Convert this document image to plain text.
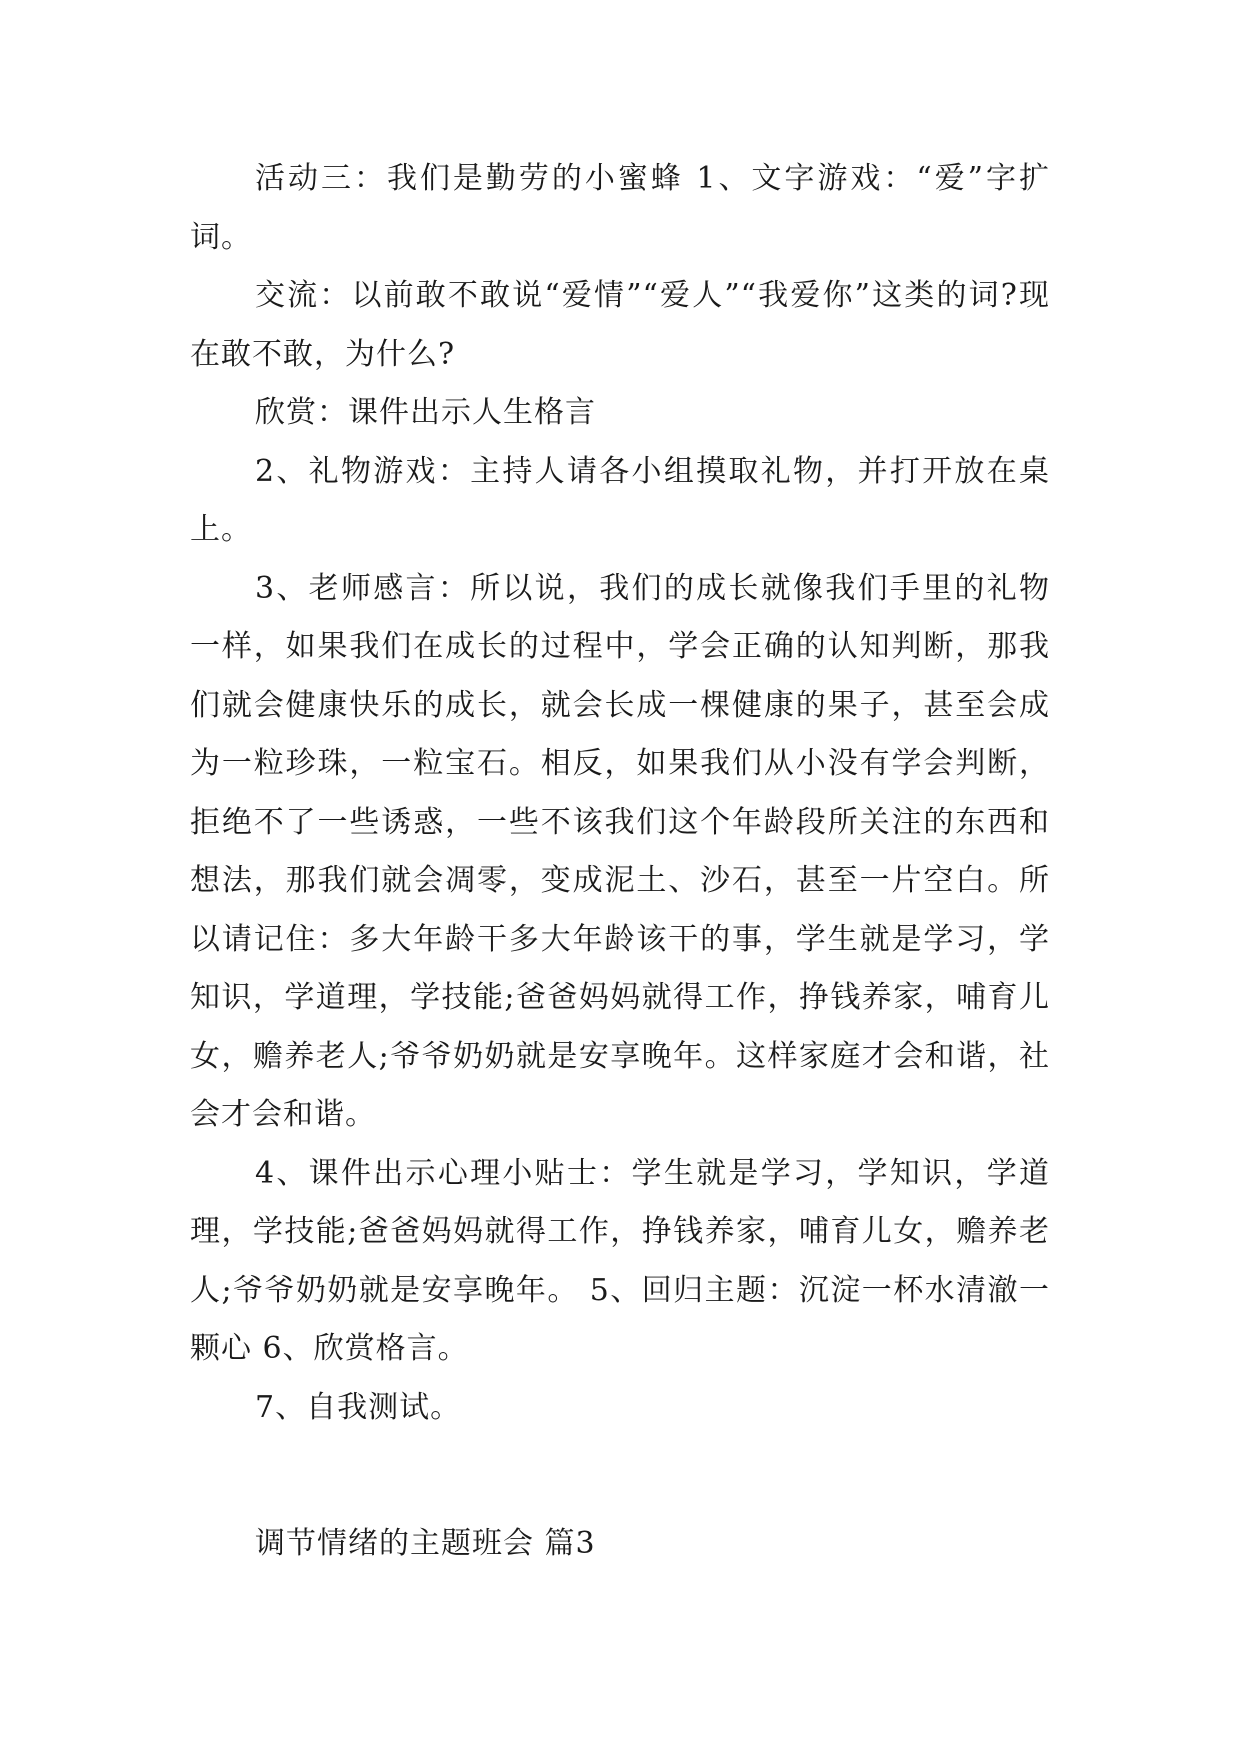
活动三：我们是勤劳的小蜜蜂 1、文字游戏：“爱”字扩词。

交流：以前敢不敢说“爱情”“爱人”“我爱你”这类的词?现在敢不敢，为什么?

欣赏：课件出示人生格言

2、礼物游戏：主持人请各小组摸取礼物，并打开放在桌上。

3、老师感言：所以说，我们的成长就像我们手里的礼物一样，如果我们在成长的过程中，学会正确的认知判断，那我们就会健康快乐的成长，就会长成一棵健康的果子，甚至会成为一粒珍珠，一粒宝石。相反，如果我们从小没有学会判断，拒绝不了一些诱惑，一些不该我们这个年龄段所关注的东西和想法，那我们就会凋零，变成泥土、沙石，甚至一片空白。所以请记住：多大年龄干多大年龄该干的事，学生就是学习，学知识，学道理，学技能;爸爸妈妈就得工作，挣钱养家，哺育儿女，赡养老人;爷爷奶奶就是安享晚年。这样家庭才会和谐，社会才会和谐。

4、课件出示心理小贴士：学生就是学习，学知识，学道理，学技能;爸爸妈妈就得工作，挣钱养家，哺育儿女，赡养老人;爷爷奶奶就是安享晚年。 5、回归主题：沉淀一杯水清澈一颗心 6、欣赏格言。

7、自我测试。

调节情绪的主题班会 篇3
